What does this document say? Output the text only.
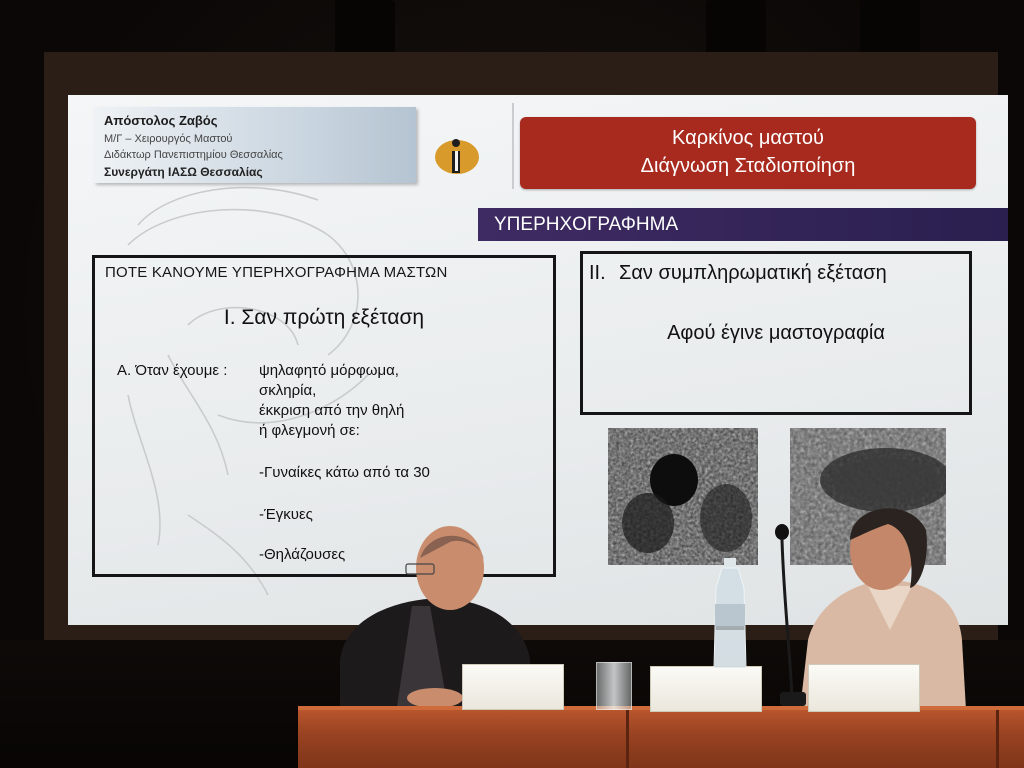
Απόστολος Ζαβός
Μ/Γ – Χειρουργός Μαστού
Διδάκτωρ Πανεπιστημίου Θεσσαλίας
Συνεργάτη ΙΑΣΩ Θεσσαλίας
Καρκίνος μαστού
Διάγνωση Σταδιοποίηση
ΥΠΕΡΗΧΟΓΡΑΦΗΜΑ
ΠΟΤΕ ΚΑΝΟΥΜΕ ΥΠΕΡΗΧΟΓΡΑΦΗΜΑ ΜΑΣΤΩΝ
Ι. Σαν πρώτη εξέταση
Α. Όταν έχουμε : ψηλαφητό μόρφωμα,
σκληρία,
έκκριση από την θηλή
ή φλεγμονή σε:
-Γυναίκες κάτω από τα 30
-Έγκυες
-Θηλάζουσες
ΙΙ. Σαν συμπληρωματική εξέταση
Αφού έγινε μαστογραφία
